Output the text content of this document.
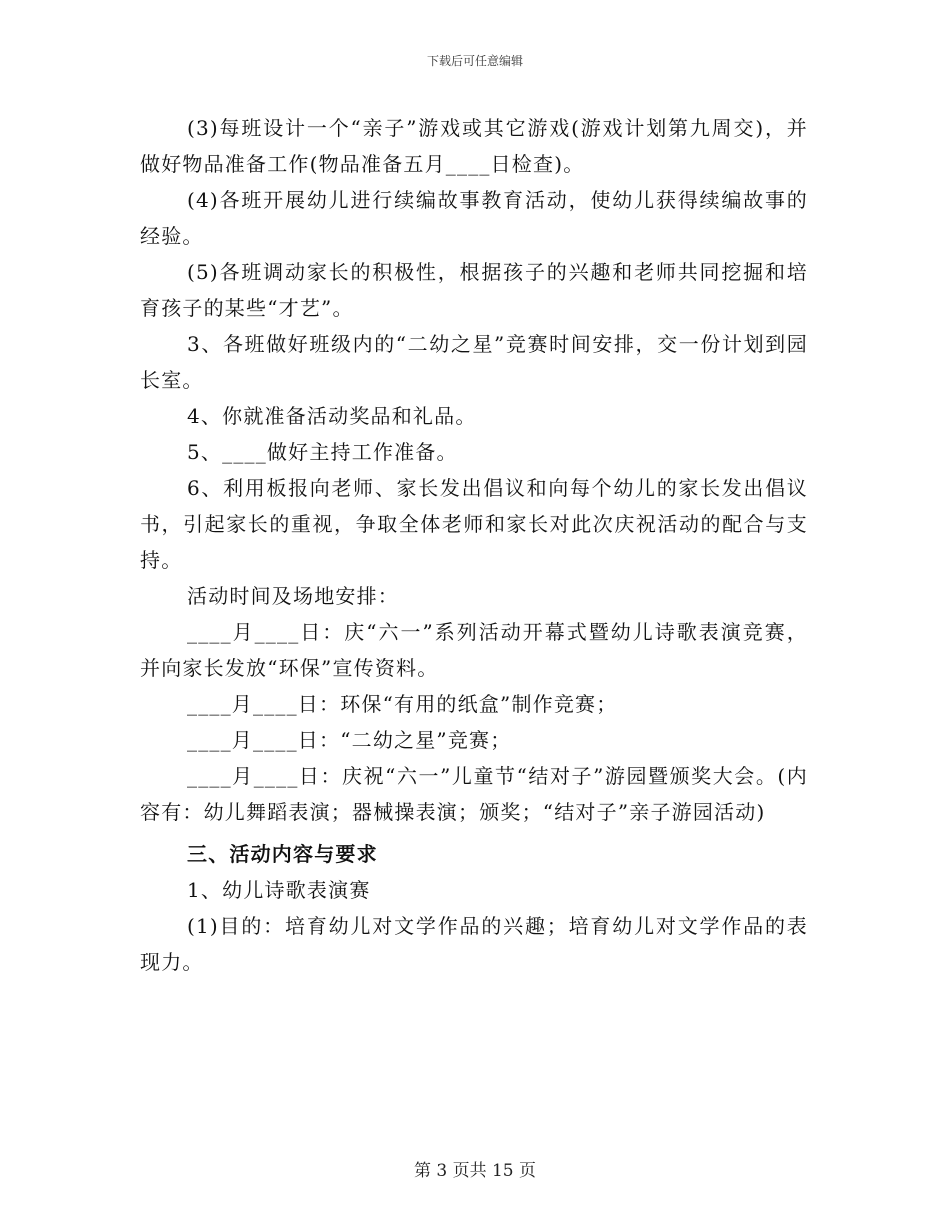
下载后可任意编辑

(3)每班设计一个“亲子”游戏或其它游戏(游戏计划第九周交)，并做好物品准备工作(物品准备五月____日检查)。

(4)各班开展幼儿进行续编故事教育活动，使幼儿获得续编故事的经验。

(5)各班调动家长的积极性，根据孩子的兴趣和老师共同挖掘和培育孩子的某些“才艺”。

3、各班做好班级内的“二幼之星”竞赛时间安排，交一份计划到园长室。

4、你就准备活动奖品和礼品。

5、____做好主持工作准备。

6、利用板报向老师、家长发出倡议和向每个幼儿的家长发出倡议书，引起家长的重视，争取全体老师和家长对此次庆祝活动的配合与支持。

活动时间及场地安排：

____月____日：庆“六一”系列活动开幕式暨幼儿诗歌表演竞赛，并向家长发放“环保”宣传资料。

____月____日：环保“有用的纸盒”制作竞赛；

____月____日：“二幼之星”竞赛；

____月____日：庆祝“六一”儿童节“结对子”游园暨颁奖大会。(内容有：幼儿舞蹈表演；器械操表演；颁奖；“结对子”亲子游园活动)

三、活动内容与要求

1、幼儿诗歌表演赛

(1)目的：培育幼儿对文学作品的兴趣；培育幼儿对文学作品的表现力。

第 3 页共 15 页
